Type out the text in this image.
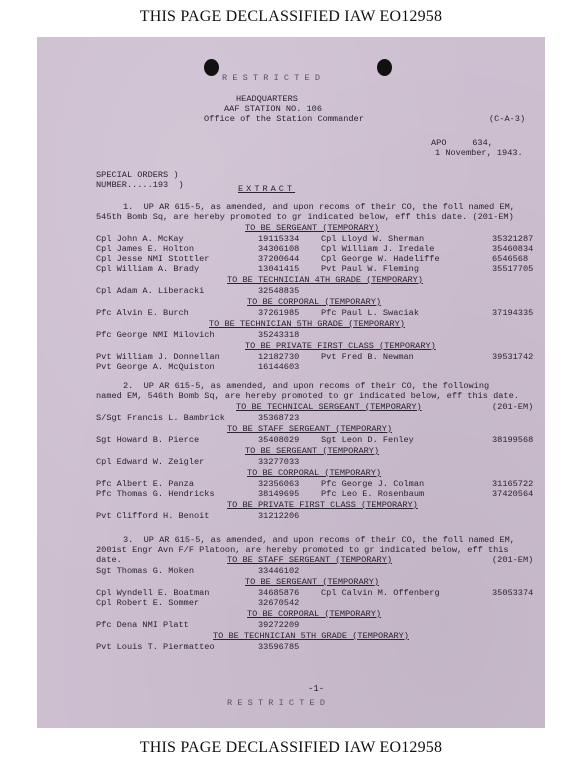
THIS PAGE DECLASSIFIED IAW EO12958
R E S T R I C T E D
HEADQUARTERS
AAF STATION NO. 106
Office of the Station Commander	(C-A-3)
APO     634,
1 November, 1943.
SPECIAL ORDERS )
NUMBER.....193  )	EXTRACT
1.  UP AR 615-5, as amended, and upon recoms of their CO, the foll named EM,
545th Bomb Sq, are hereby promoted to gr indicated below, eff this date. (201-EM)
TO BE SERGEANT (TEMPORARY)
Cpl John A. McKay	19115334	Cpl Lloyd W. Sherman	35321287
Cpl James E. Holton	34306108	Cpl William J. Iredale	35460834
Cpl Jesse NMI Stottler	37200644	Cpl George W. Hadeliffe	6546568
Cpl William A. Brady	13041415	Pvt Paul W. Fleming	35517705
TO BE TECHNICIAN 4TH GRADE (TEMPORARY)
Cpl Adam A. Liberacki	32548835
TO BE CORPORAL (TEMPORARY)
Pfc Alvin E. Burch	37261985	Pfc Paul L. Swaciak	37194335
TO BE TECHNICIAN 5TH GRADE (TEMPORARY)
Pfc George NMI Milovich	35243318
TO BE PRIVATE FIRST CLASS (TEMPORARY)
Pvt William J. Donnellan	12182730	Pvt Fred B. Newman	39531742
Pvt George A. McQuiston	16144603
2.  UP AR 615-5, as amended, and upon recoms of their CO, the following
named EM, 546th Bomb Sq, are hereby promoted to gr indicated below, eff this date.
TO BE TECHNICAL SERGEANT (TEMPORARY)	(201-EM)
S/Sgt Francis L. Bambrick	35368723
TO BE STAFF SERGEANT (TEMPORARY)
Sgt Howard B. Pierce	35408029	Sgt Leon D. Fenley	38199568
TO BE SERGEANT (TEMPORARY)
Cpl Edward W. Zeigler	33277033
TO BE CORPORAL (TEMPORARY)
Pfc Albert E. Panza	32356063	Pfc George J. Colman	31165722
Pfc Thomas G. Hendricks	38149695	Pfc Leo E. Rosenbaum	37420564
TO BE PRIVATE FIRST CLASS (TEMPORARY)
Pvt Clifford H. Benoit	31212206
3.  UP AR 615-5, as amended, and upon recoms of their CO, the foll named EM,
2001st Engr Avn F/F Platoon, are hereby promoted to gr indicated below, eff this
date.	TO BE STAFF SERGEANT (TEMPORARY)	(201-EM)
Sgt Thomas G. Moken	33446102
TO BE SERGEANT (TEMPORARY)
Cpl Wyndell E. Boatman	34685876	Cpl Calvin M. Offenberg	35053374
Cpl Robert E. Sommer	32670542
TO BE CORPORAL (TEMPORARY)
Pfc Dena NMI Platt	39272209
TO BE TECHNICIAN 5TH GRADE (TEMPORARY)
Pvt Louis T. Piermatteo	33596785
-1-
R E S T R I C T E D
THIS PAGE DECLASSIFIED IAW EO12958
